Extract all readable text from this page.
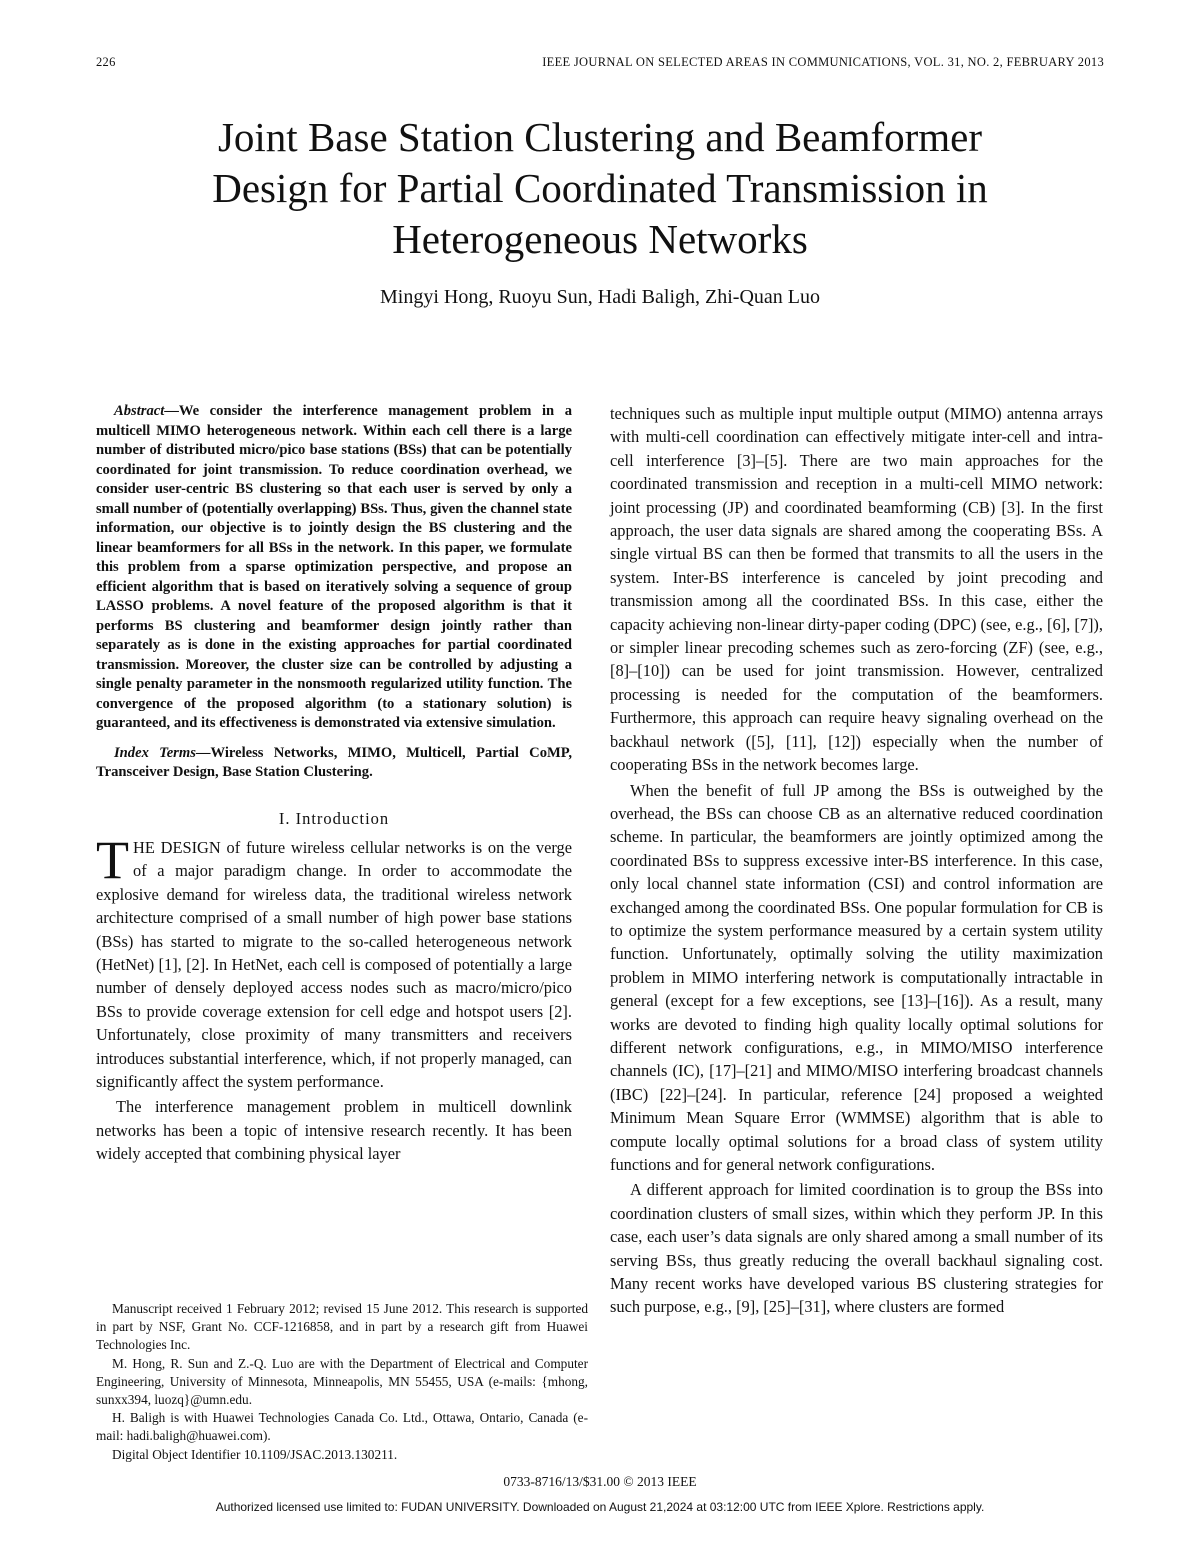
226	IEEE JOURNAL ON SELECTED AREAS IN COMMUNICATIONS, VOL. 31, NO. 2, FEBRUARY 2013
Joint Base Station Clustering and Beamformer
Design for Partial Coordinated Transmission in
Heterogeneous Networks
Mingyi Hong, Ruoyu Sun, Hadi Baligh, Zhi-Quan Luo

Abstract—We consider the interference management problem in a multicell MIMO heterogeneous network. Within each cell there is a large number of distributed micro/pico base stations (BSs) that can be potentially coordinated for joint transmission. To reduce coordination overhead, we consider user-centric BS clustering so that each user is served by only a small number of (potentially overlapping) BSs. Thus, given the channel state information, our objective is to jointly design the BS clustering and the linear beamformers for all BSs in the network. In this paper, we formulate this problem from a sparse optimization perspective, and propose an efficient algorithm that is based on iteratively solving a sequence of group LASSO problems. A novel feature of the proposed algorithm is that it performs BS clustering and beamformer design jointly rather than separately as is done in the existing approaches for partial coordinated transmission. Moreover, the cluster size can be controlled by adjusting a single penalty parameter in the nonsmooth regularized utility function. The convergence of the proposed algorithm (to a stationary solution) is guaranteed, and its effectiveness is demonstrated via extensive simulation.

Index Terms—Wireless Networks, MIMO, Multicell, Partial CoMP, Transceiver Design, Base Station Clustering.

I. Introduction

THE DESIGN of future wireless cellular networks is on the verge of a major paradigm change. In order to accommodate the explosive demand for wireless data, the traditional wireless network architecture comprised of a small number of high power base stations (BSs) has started to migrate to the so-called heterogeneous network (HetNet) [1], [2]. In HetNet, each cell is composed of potentially a large number of densely deployed access nodes such as macro/micro/pico BSs to provide coverage extension for cell edge and hotspot users [2]. Unfortunately, close proximity of many transmitters and receivers introduces substantial interference, which, if not properly managed, can significantly affect the system performance.

The interference management problem in multicell downlink networks has been a topic of intensive research recently. It has been widely accepted that combining physical layer

techniques such as multiple input multiple output (MIMO) antenna arrays with multi-cell coordination can effectively mitigate inter-cell and intra-cell interference [3]–[5]. There are two main approaches for the coordinated transmission and reception in a multi-cell MIMO network: joint processing (JP) and coordinated beamforming (CB) [3]. In the first approach, the user data signals are shared among the cooperating BSs. A single virtual BS can then be formed that transmits to all the users in the system. Inter-BS interference is canceled by joint precoding and transmission among all the coordinated BSs. In this case, either the capacity achieving non-linear dirty-paper coding (DPC) (see, e.g., [6], [7]), or simpler linear precoding schemes such as zero-forcing (ZF) (see, e.g., [8]–[10]) can be used for joint transmission. However, centralized processing is needed for the computation of the beamformers. Furthermore, this approach can require heavy signaling overhead on the backhaul network ([5], [11], [12]) especially when the number of cooperating BSs in the network becomes large.

When the benefit of full JP among the BSs is outweighed by the overhead, the BSs can choose CB as an alternative reduced coordination scheme. In particular, the beamformers are jointly optimized among the coordinated BSs to suppress excessive inter-BS interference. In this case, only local channel state information (CSI) and control information are exchanged among the coordinated BSs. One popular formulation for CB is to optimize the system performance measured by a certain system utility function. Unfortunately, optimally solving the utility maximization problem in MIMO interfering network is computationally intractable in general (except for a few exceptions, see [13]–[16]). As a result, many works are devoted to finding high quality locally optimal solutions for different network configurations, e.g., in MIMO/MISO interference channels (IC), [17]–[21] and MIMO/MISO interfering broadcast channels (IBC) [22]–[24]. In particular, reference [24] proposed a weighted Minimum Mean Square Error (WMMSE) algorithm that is able to compute locally optimal solutions for a broad class of system utility functions and for general network configurations.

A different approach for limited coordination is to group the BSs into coordination clusters of small sizes, within which they perform JP. In this case, each user’s data signals are only shared among a small number of its serving BSs, thus greatly reducing the overall backhaul signaling cost. Many recent works have developed various BS clustering strategies for such purpose, e.g., [9], [25]–[31], where clusters are formed

Manuscript received 1 February 2012; revised 15 June 2012. This research is supported in part by NSF, Grant No. CCF-1216858, and in part by a research gift from Huawei Technologies Inc.

M. Hong, R. Sun and Z.-Q. Luo are with the Department of Electrical and Computer Engineering, University of Minnesota, Minneapolis, MN 55455, USA (e-mails: {mhong, sunxx394, luozq}@umn.edu.

H. Baligh is with Huawei Technologies Canada Co. Ltd., Ottawa, Ontario, Canada (e-mail: hadi.baligh@huawei.com).

Digital Object Identifier 10.1109/JSAC.2013.130211.

0733-8716/13/$31.00 © 2013 IEEE
Authorized licensed use limited to: FUDAN UNIVERSITY. Downloaded on August 21,2024 at 03:12:00 UTC from IEEE Xplore. Restrictions apply.
